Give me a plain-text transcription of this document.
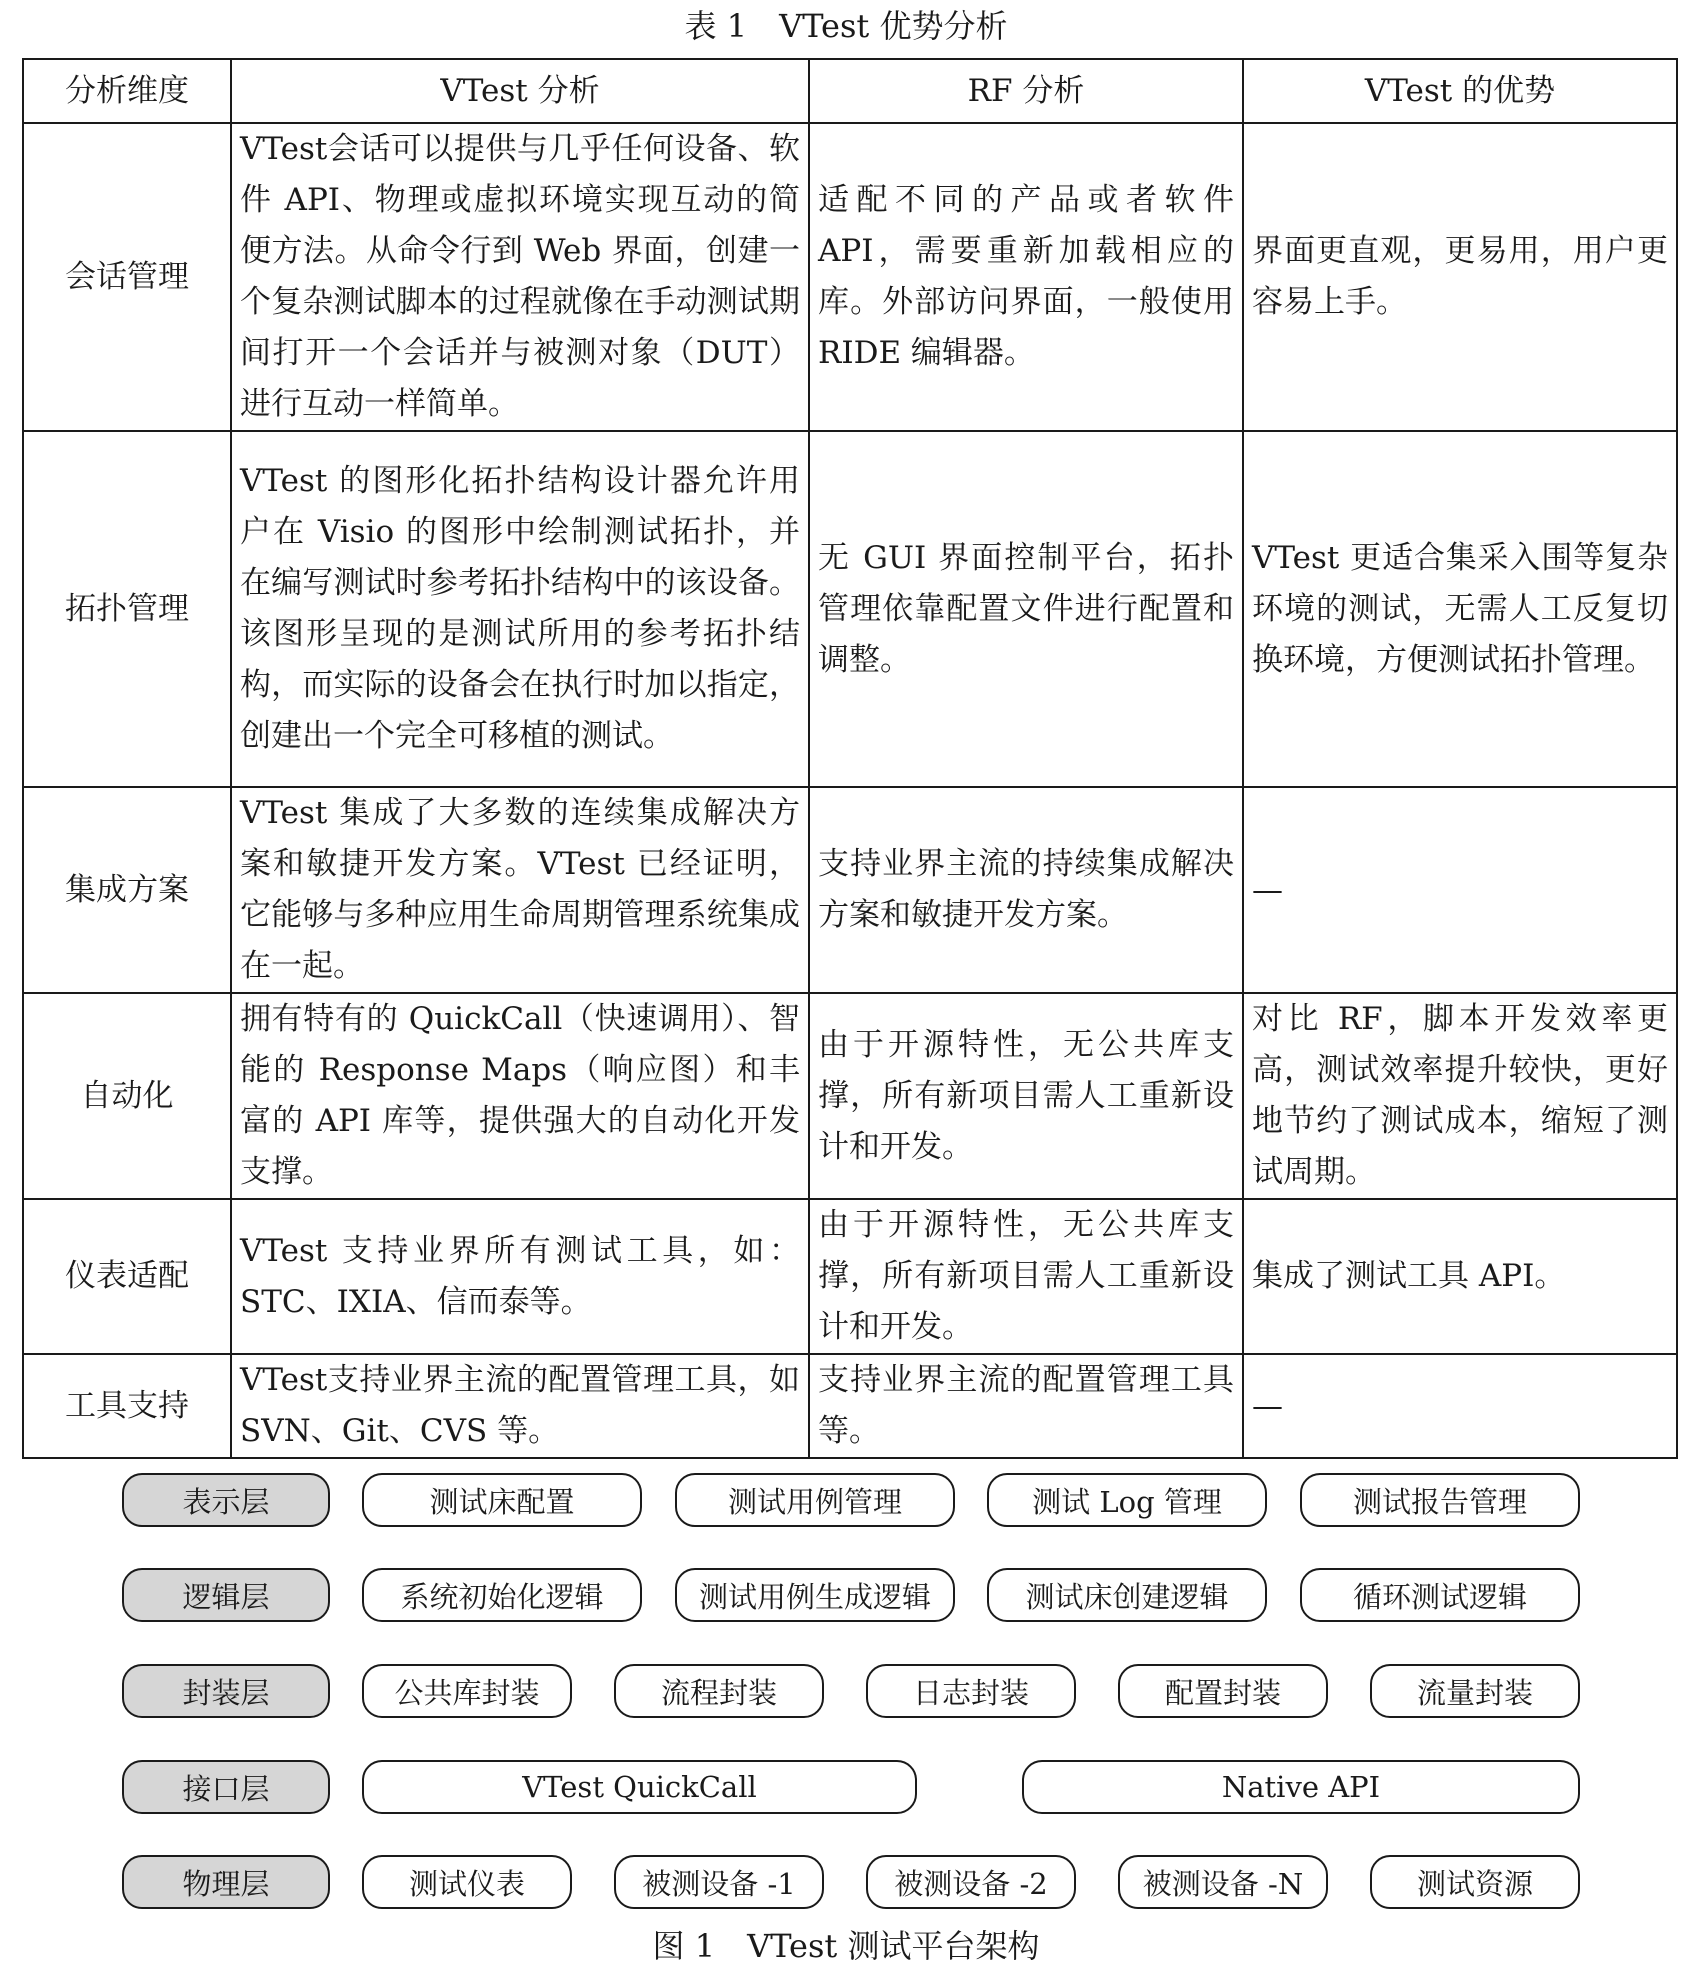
表 1　VTest 优势分析
分析维度	VTest 分析	RF 分析	VTest 的优势
会话管理	VTest会话可以提供与几乎任何设备、软件 API、物理或虚拟环境实现互动的简便方法。从命令行到 Web 界面，创建一个复杂测试脚本的过程就像在手动测试期间打开一个会话并与被测对象（DUT）进行互动一样简单。	适配不同的产品或者软件 API，需要重新加载相应的库。外部访问界面，一般使用 RIDE 编辑器。	界面更直观，更易用，用户更容易上手。
拓扑管理	VTest 的图形化拓扑结构设计器允许用户在 Visio 的图形中绘制测试拓扑，并在编写测试时参考拓扑结构中的该设备。该图形呈现的是测试所用的参考拓扑结构，而实际的设备会在执行时加以指定，创建出一个完全可移植的测试。	无 GUI 界面控制平台，拓扑管理依靠配置文件进行配置和调整。	VTest 更适合集采入围等复杂环境的测试，无需人工反复切换环境，方便测试拓扑管理。
集成方案	VTest 集成了大多数的连续集成解决方案和敏捷开发方案。VTest 已经证明，它能够与多种应用生命周期管理系统集成在一起。	支持业界主流的持续集成解决方案和敏捷开发方案。	—
自动化	拥有特有的 QuickCall（快速调用）、智能的 Response Maps（响应图）和丰富的 API 库等，提供强大的自动化开发支撑。	由于开源特性，无公共库支撑，所有新项目需人工重新设计和开发。	对比 RF，脚本开发效率更高，测试效率提升较快，更好地节约了测试成本，缩短了测试周期。
仪表适配	VTest 支持业界所有测试工具，如：STC、IXIA、信而泰等。	由于开源特性，无公共库支撑，所有新项目需人工重新设计和开发。	集成了测试工具 API。
工具支持	VTest支持业界主流的配置管理工具，如 SVN、Git、CVS 等。	支持业界主流的配置管理工具等。	—
表示层	测试床配置	测试用例管理	测试 Log 管理	测试报告管理
逻辑层	系统初始化逻辑	测试用例生成逻辑	测试床创建逻辑	循环测试逻辑
封装层	公共库封装	流程封装	日志封装	配置封装	流量封装
接口层	VTest QuickCall	Native API
物理层	测试仪表	被测设备 -1	被测设备 -2	被测设备 -N	测试资源
图 1　VTest 测试平台架构
